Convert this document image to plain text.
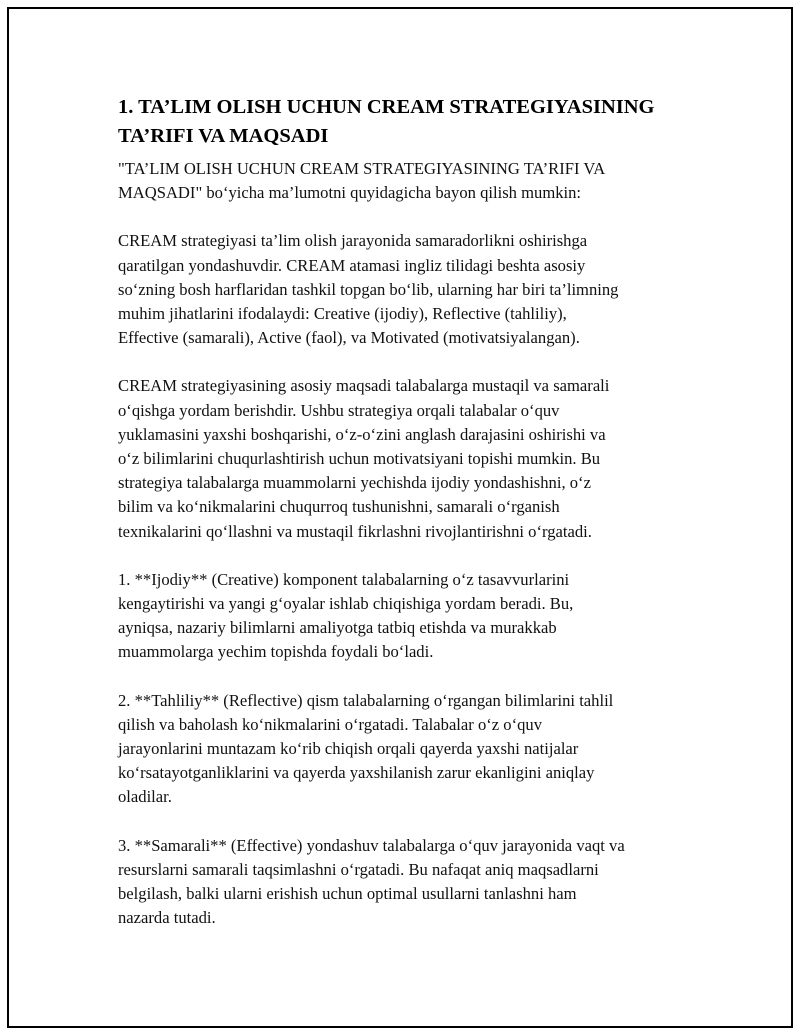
1. TA’LIM OLISH UCHUN CREAM STRATEGIYASINING
TA’RIFI VA MAQSADI

"TA’LIM OLISH UCHUN CREAM STRATEGIYASINING TA’RIFI VA
MAQSADI" bo‘yicha ma’lumotni quyidagicha bayon qilish mumkin:

CREAM strategiyasi ta’lim olish jarayonida samaradorlikni oshirishga
qaratilgan yondashuvdir. CREAM atamasi ingliz tilidagi beshta asosiy
so‘zning bosh harflaridan tashkil topgan bo‘lib, ularning har biri ta’limning
muhim jihatlarini ifodalaydi: Creative (ijodiy), Reflective (tahliliy),
Effective (samarali), Active (faol), va Motivated (motivatsiyalangan).

CREAM strategiyasining asosiy maqsadi talabalarga mustaqil va samarali
o‘qishga yordam berishdir. Ushbu strategiya orqali talabalar o‘quv
yuklamasini yaxshi boshqarishi, o‘z-o‘zini anglash darajasini oshirishi va
o‘z bilimlarini chuqurlashtirish uchun motivatsiyani topishi mumkin. Bu
strategiya talabalarga muammolarni yechishda ijodiy yondashishni, o‘z
bilim va ko‘nikmalarini chuqurroq tushunishni, samarali o‘rganish
texnikalarini qo‘llashni va mustaqil fikrlashni rivojlantirishni o‘rgatadi.

1. **Ijodiy** (Creative) komponent talabalarning o‘z tasavvurlarini
kengaytirishi va yangi g‘oyalar ishlab chiqishiga yordam beradi. Bu,
ayniqsa, nazariy bilimlarni amaliyotga tatbiq etishda va murakkab
muammolarga yechim topishda foydali bo‘ladi.

2. **Tahliliy** (Reflective) qism talabalarning o‘rgangan bilimlarini tahlil
qilish va baholash ko‘nikmalarini o‘rgatadi. Talabalar o‘z o‘quv
jarayonlarini muntazam ko‘rib chiqish orqali qayerda yaxshi natijalar
ko‘rsatayotganliklarini va qayerda yaxshilanish zarur ekanligini aniqlay
oladilar.

3. **Samarali** (Effective) yondashuv talabalarga o‘quv jarayonida vaqt va
resurslarni samarali taqsimlashni o‘rgatadi. Bu nafaqat aniq maqsadlarni
belgilash, balki ularni erishish uchun optimal usullarni tanlashni ham
nazarda tutadi.
